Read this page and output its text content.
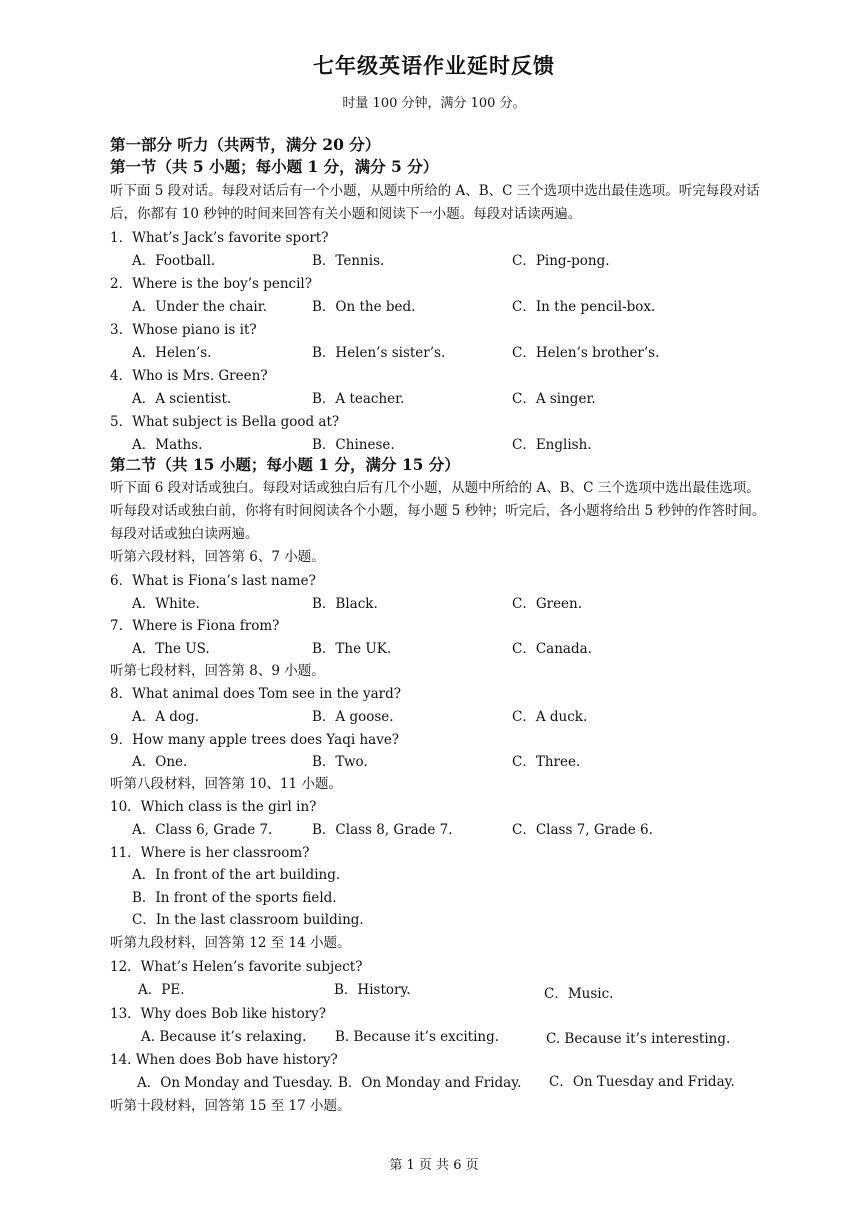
七年级英语作业延时反馈
时量 100 分钟，满分 100 分。
第一部分 听力（共两节，满分 20 分）
第一节（共 5 小题；每小题 1 分，满分 5 分）
听下面 5 段对话。每段对话后有一个小题，从题中所给的 A、B、C 三个选项中选出最佳选项。听完每段对话后，你都有 10 秒钟的时间来回答有关小题和阅读下一小题。每段对话读两遍。
1．What’s Jack’s favorite sport?
A．Football.	B．Tennis.	C．Ping-pong.
2．Where is the boy’s pencil?
A．Under the chair.	B．On the bed.	C．In the pencil-box.
3．Whose piano is it?
A．Helen’s.	B．Helen’s sister’s.	C．Helen’s brother’s.
4．Who is Mrs. Green?
A．A scientist.	B．A teacher.	C．A singer.
5．What subject is Bella good at?
A．Maths.	B．Chinese.	C．English.
第二节（共 15 小题；每小题 1 分，满分 15 分）
听下面 6 段对话或独白。每段对话或独白后有几个小题，从题中所给的 A、B、C 三个选项中选出最佳选项。听每段对话或独白前，你将有时间阅读各个小题，每小题 5 秒钟；听完后，各小题将给出 5 秒钟的作答时间。每段对话或独白读两遍。
听第六段材料，回答第 6、7 小题。
6．What is Fiona’s last name?
A．White.	B．Black.	C．Green.
7．Where is Fiona from?
A．The US.	B．The UK.	C．Canada.
听第七段材料，回答第 8、9 小题。
8．What animal does Tom see in the yard?
A．A dog.	B．A goose.	C．A duck.
9．How many apple trees does Yaqi have?
A．One.	B．Two.	C．Three.
听第八段材料，回答第 10、11 小题。
10．Which class is the girl in?
A．Class 6, Grade 7.	B．Class 8, Grade 7.	C．Class 7, Grade 6.
11．Where is her classroom?
A．In front of the art building.
B．In front of the sports field.
C．In the last classroom building.
听第九段材料，回答第 12 至 14 小题。
12．What’s Helen’s favorite subject?
A．PE.	B．History.	C．Music.
13．Why does Bob like history?
A. Because it’s relaxing. B. Because it’s exciting.	C. Because it’s interesting.
14. When does Bob have history?
A．On Monday and Tuesday. B．On Monday and Friday. C．On Tuesday and Friday.
听第十段材料，回答第 15 至 17 小题。
第 1 页 共 6 页
